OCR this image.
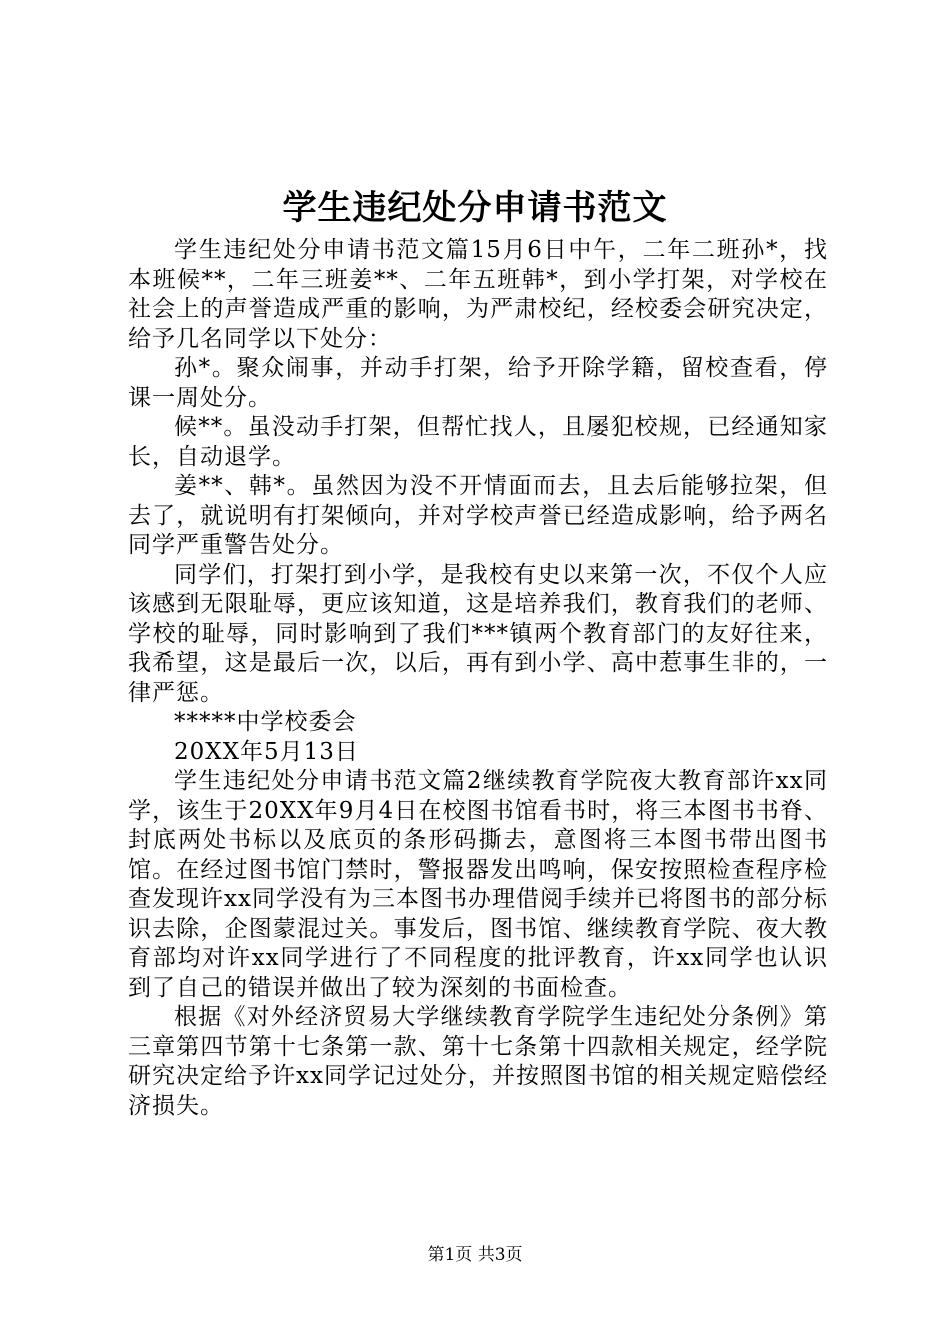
学生违纪处分申请书范文

学生违纪处分申请书范文篇15月6日中午，二年二班孙*，找本班候**，二年三班姜**、二年五班韩*，到小学打架，对学校在社会上的声誉造成严重的影响，为严肃校纪，经校委会研究决定，给予几名同学以下处分：

孙*。聚众闹事，并动手打架，给予开除学籍，留校查看，停课一周处分。

候**。虽没动手打架，但帮忙找人，且屡犯校规，已经通知家长，自动退学。

姜**、韩*。虽然因为没不开情面而去，且去后能够拉架，但去了，就说明有打架倾向，并对学校声誉已经造成影响，给予两名同学严重警告处分。

同学们，打架打到小学，是我校有史以来第一次，不仅个人应该感到无限耻辱，更应该知道，这是培养我们，教育我们的老师、学校的耻辱，同时影响到了我们***镇两个教育部门的友好往来，我希望，这是最后一次，以后，再有到小学、高中惹事生非的，一律严惩。

*****中学校委会

20XX年5月13日

学生违纪处分申请书范文篇2继续教育学院夜大教育部许xx同学，该生于20XX年9月4日在校图书馆看书时，将三本图书书脊、封底两处书标以及底页的条形码撕去，意图将三本图书带出图书馆。在经过图书馆门禁时，警报器发出鸣响，保安按照检查程序检查发现许xx同学没有为三本图书办理借阅手续并已将图书的部分标识去除，企图蒙混过关。事发后，图书馆、继续教育学院、夜大教育部均对许xx同学进行了不同程度的批评教育，许xx同学也认识到了自己的错误并做出了较为深刻的书面检查。

根据《对外经济贸易大学继续教育学院学生违纪处分条例》第三章第四节第十七条第一款、第十七条第十四款相关规定，经学院研究决定给予许xx同学记过处分，并按照图书馆的相关规定赔偿经济损失。

第1页 共3页
